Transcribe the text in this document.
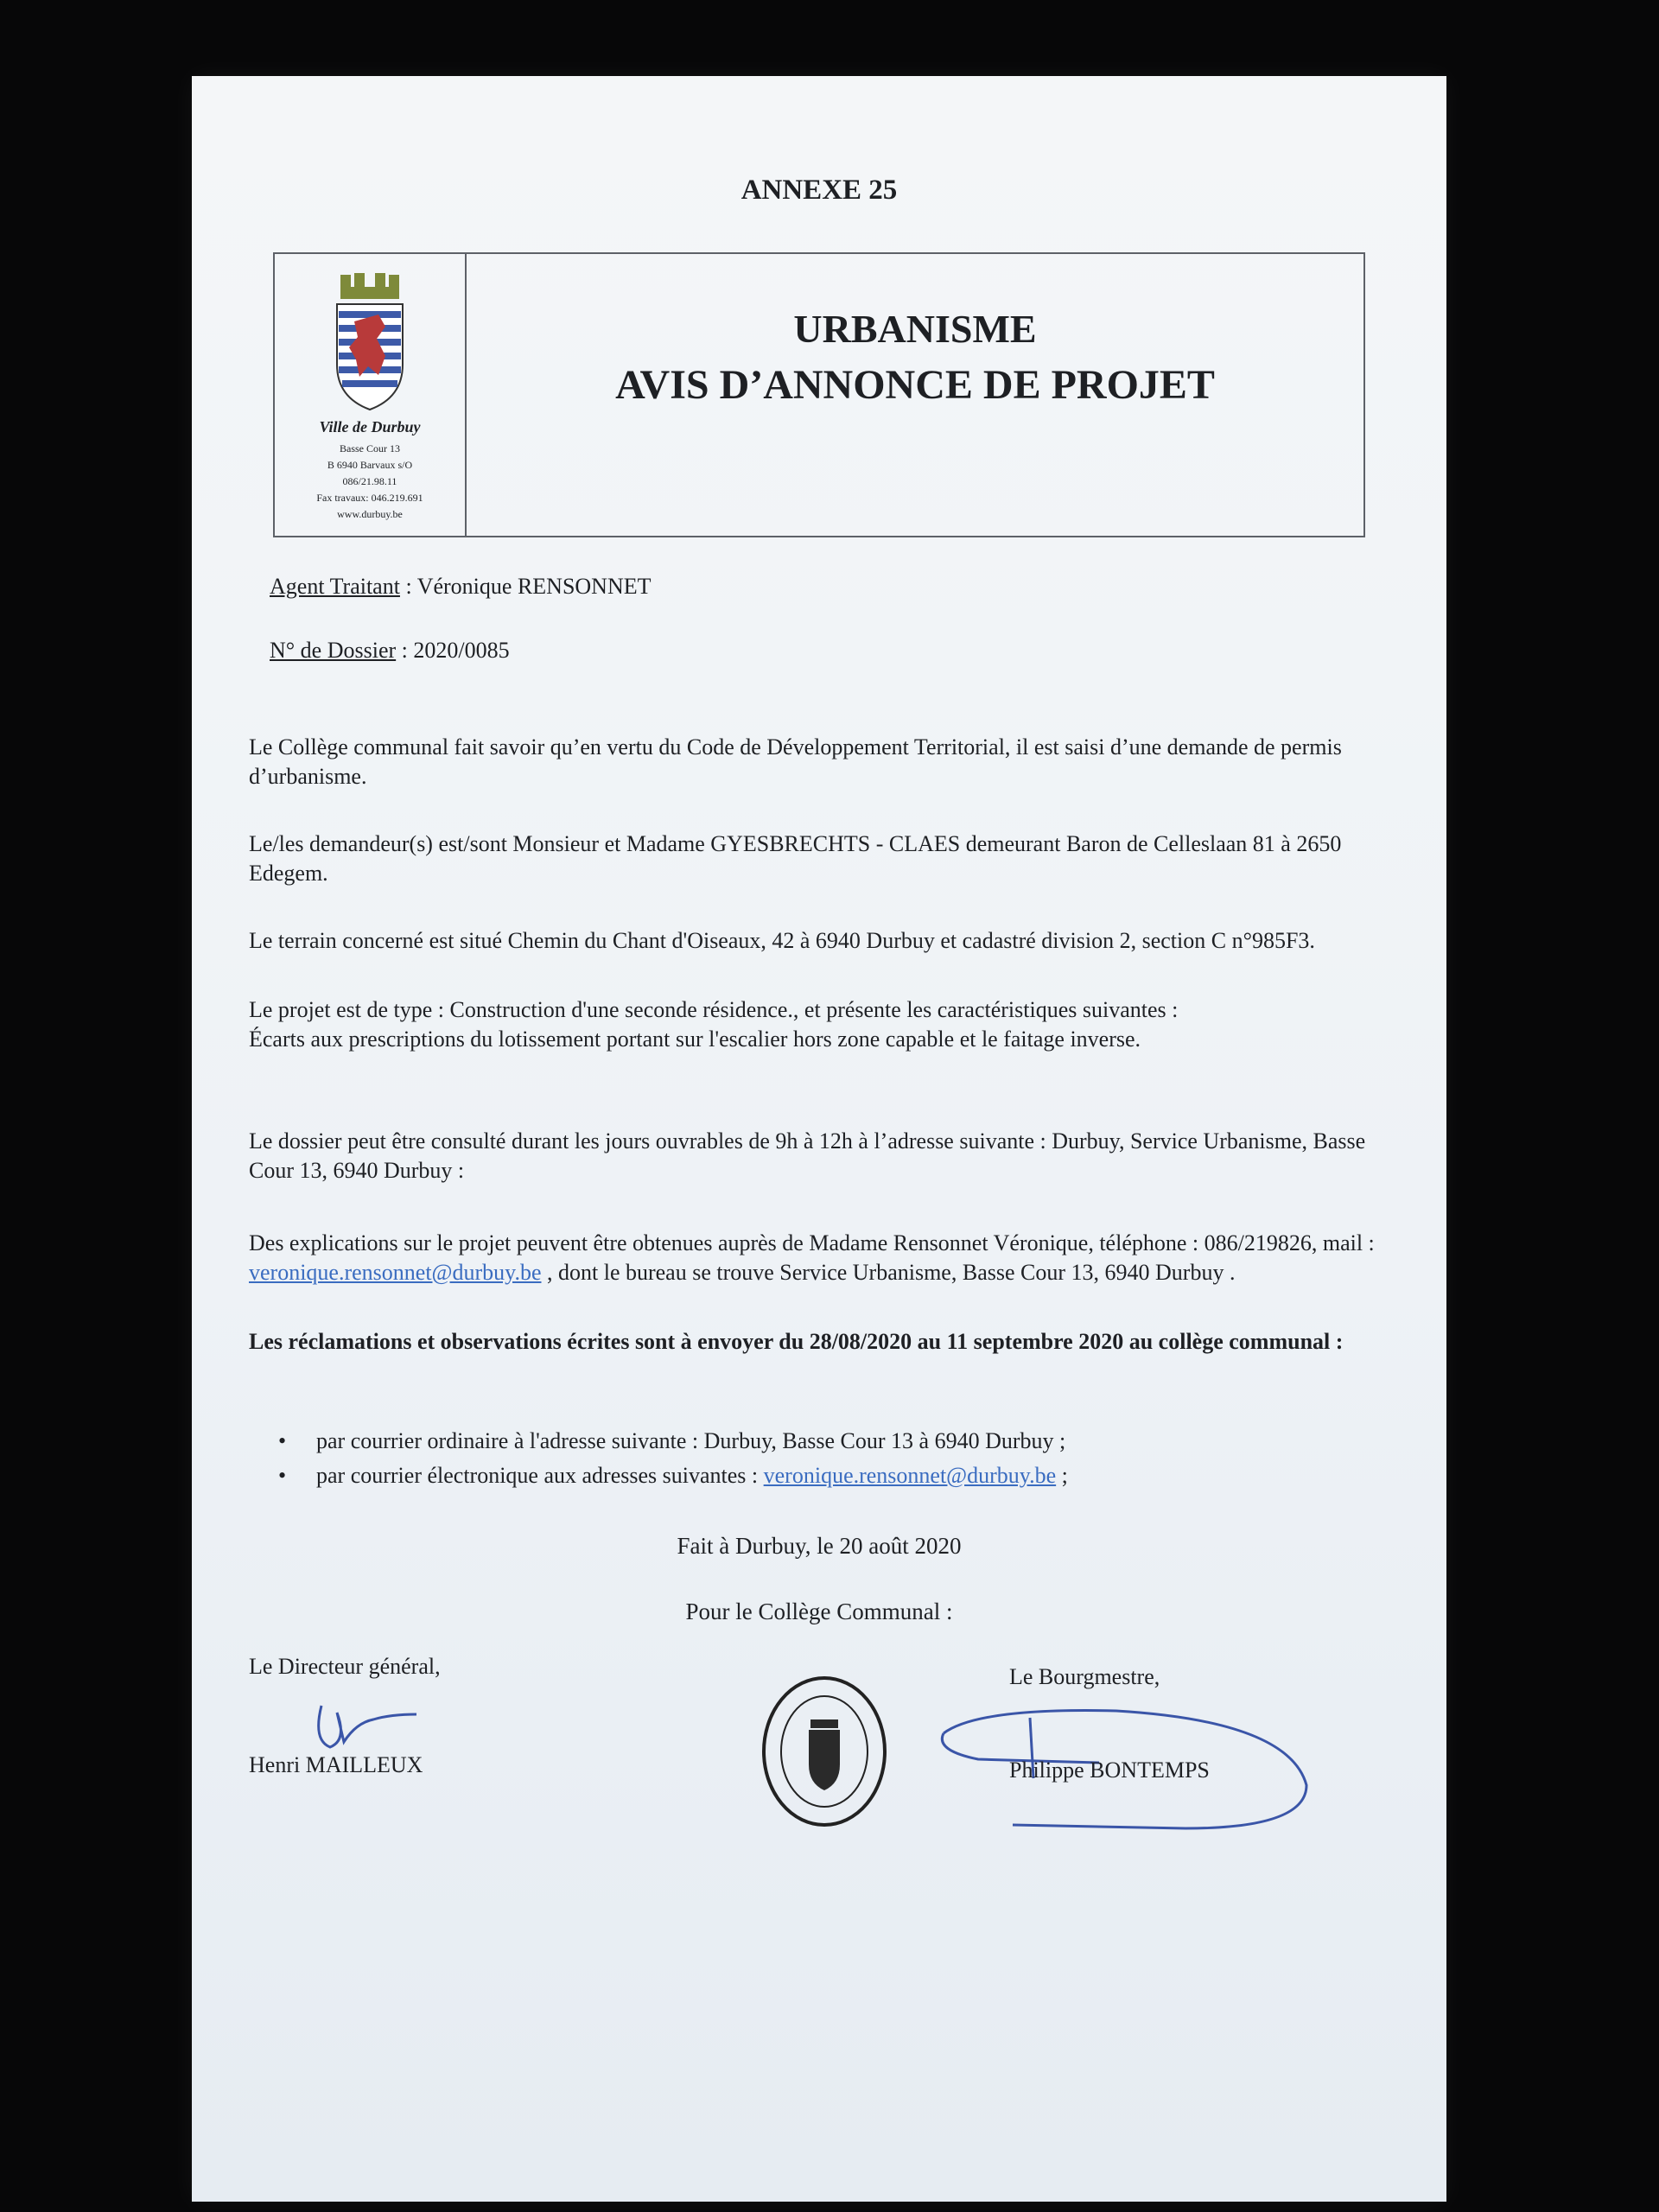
ANNEXE 25
Ville de Durbuy
Basse Cour 13
B 6940 Barvaux s/O
086/21.98.11
Fax travaux: 046.219.691
www.durbuy.be
URBANISME
AVIS D’ANNONCE DE PROJET
Agent Traitant : Véronique RENSONNET
N° de Dossier : 2020/0085
Le Collège communal fait savoir qu’en vertu du Code de Développement Territorial, il est saisi d’une demande de permis d’urbanisme.
Le/les demandeur(s) est/sont Monsieur et Madame GYESBRECHTS - CLAES demeurant Baron de Celleslaan 81 à 2650 Edegem.
Le terrain concerné est situé Chemin du Chant d'Oiseaux, 42 à 6940 Durbuy et cadastré division 2, section C n°985F3.
Le projet est de type : Construction d'une seconde résidence., et présente les caractéristiques suivantes :
Écarts aux prescriptions du lotissement portant sur l'escalier hors zone capable et le faitage inverse.
Le dossier peut être consulté durant les jours ouvrables de 9h à 12h à l’adresse suivante : Durbuy, Service Urbanisme, Basse Cour 13, 6940 Durbuy :
Des explications sur le projet peuvent être obtenues auprès de Madame Rensonnet Véronique, téléphone : 086/219826, mail : veronique.rensonnet@durbuy.be , dont le bureau se trouve Service Urbanisme, Basse Cour 13, 6940 Durbuy .
Les réclamations et observations écrites sont à envoyer du 28/08/2020 au 11 septembre 2020 au collège communal :
• par courrier ordinaire à l'adresse suivante : Durbuy, Basse Cour 13 à 6940 Durbuy ;
• par courrier électronique aux adresses suivantes : veronique.rensonnet@durbuy.be ;
Fait à Durbuy, le 20 août 2020
Pour le Collège Communal :
Le Directeur général,
Henri MAILLEUX
Le Bourgmestre,
Philippe BONTEMPS
